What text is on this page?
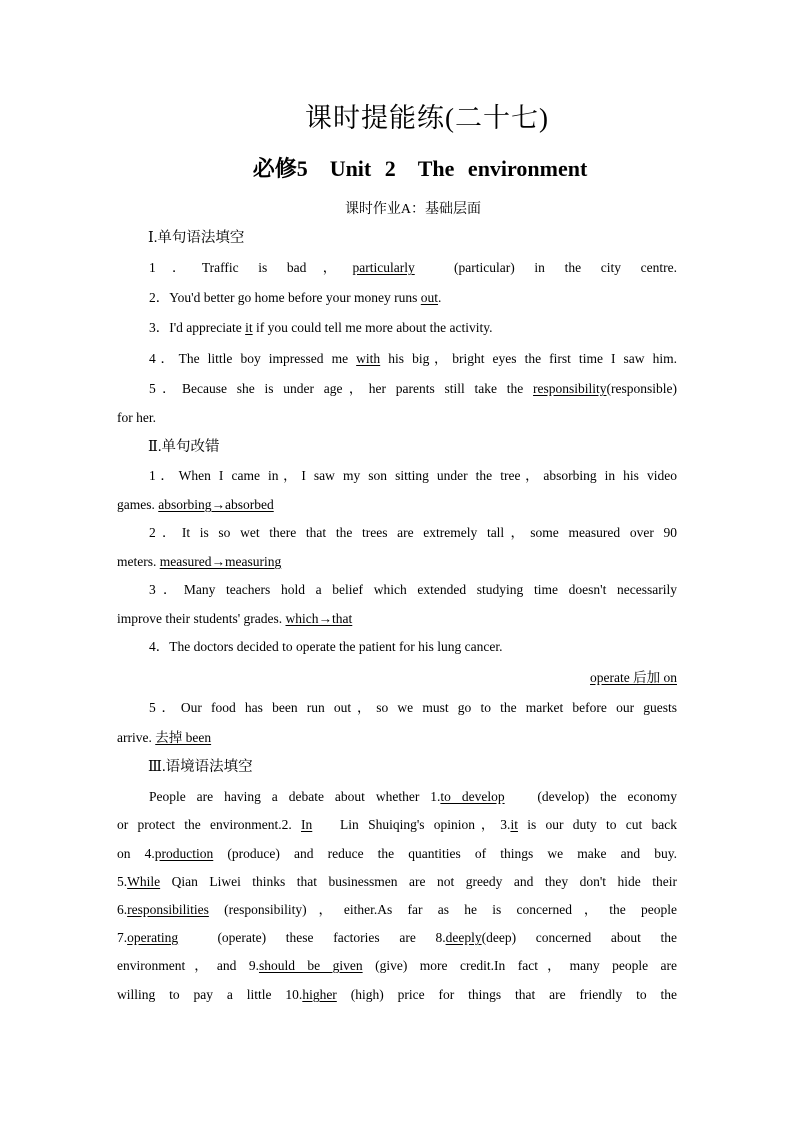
课时提能练(二十七)
必修5　Unit 2　The environment
课时作业A：基础层面
Ⅰ.单句语法填空
1．Traffic is bad，particularly	(particular) in the city centre.
2．You'd better go home before your money runs out.
3．I'd appreciate it if you could tell me more about the activity.
4．The little boy impressed me with his big，bright eyes the first time I saw him.
5．Because she is under age，her parents still take the responsibility(responsible)
for her.
Ⅱ.单句改错
1．When I came in，I saw my son sitting under the tree，absorbing in his video
games. absorbing→absorbed
2．It is so wet there that the trees are extremely tall，some measured over 90
meters. measured→measuring
3．Many teachers hold a belief which extended studying time doesn't necessarily
improve their students' grades. which→that
4．The doctors decided to operate the patient for his lung cancer.
operate 后加 on
5．Our food has been run out，so we must go to the market before our guests
arrive. 去掉 been
Ⅲ.语境语法填空
People are having a debate about whether 1.to develop   (develop) the economy
or protect the environment.2. In   Lin Shuiqing's opinion，3.it is our duty to cut back
on 4.production (produce) and reduce the quantities of things we make and buy.
5.While Qian Liwei thinks that businessmen are not greedy and they don't hide their
6.responsibilities (responsibility)，either.As far as he is concerned，the people
7.operating  (operate) these factories are 8.deeply(deep) concerned about the
environment，and 9.should be given (give) more credit.In fact，many people are
willing to pay a little 10.higher (high) price for things that are friendly to the
